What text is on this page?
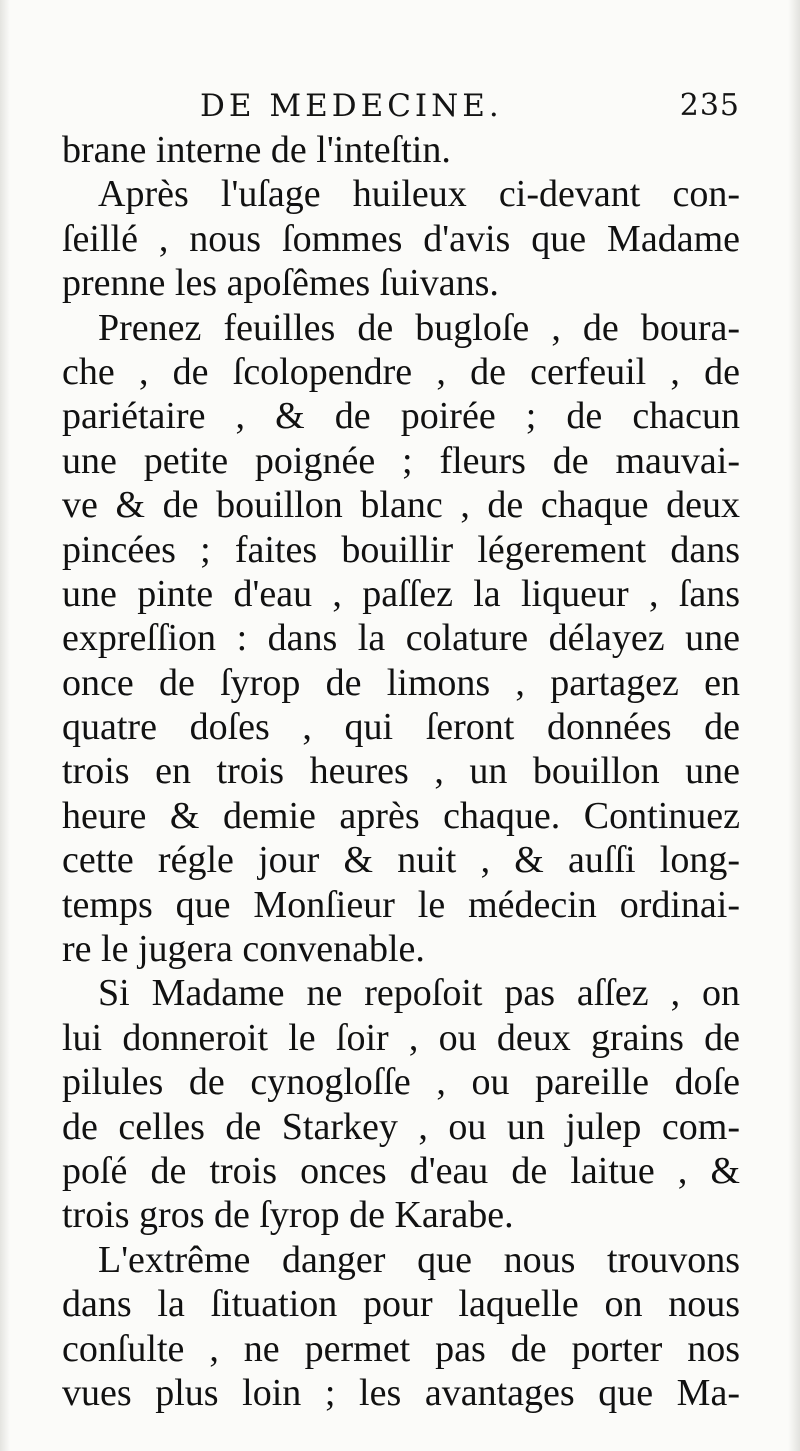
DE MEDECINE.	235
brane interne de l'inteſtin.
Après l'uſage huileux ci-devant con-
ſeillé , nous ſommes d'avis que Madame
prenne les apoſêmes ſuivans.
Prenez feuilles de bugloſe , de boura-
che , de ſcolopendre , de cerfeuil , de
pariétaire , & de poirée ; de chacun
une petite poignée ; fleurs de mauvai-
ve & de bouillon blanc , de chaque deux
pincées ; faites bouillir légerement dans
une pinte d'eau , paſſez la liqueur , ſans
expreſſion : dans la colature délayez une
once de ſyrop de limons , partagez en
quatre doſes , qui ſeront données de
trois en trois heures , un bouillon une
heure & demie après chaque. Continuez
cette régle jour & nuit , & auſſi long-
temps que Monſieur le médecin ordinai-
re le jugera convenable.
Si Madame ne repoſoit pas aſſez , on
lui donneroit le ſoir , ou deux grains de
pilules de cynogloſſe , ou pareille doſe
de celles de Starkey , ou un julep com-
poſé de trois onces d'eau de laitue , &
trois gros de ſyrop de Karabe.
L'extrême danger que nous trouvons
dans la ſituation pour laquelle on nous
conſulte , ne permet pas de porter nos
vues plus loin ; les avantages que Ma-
